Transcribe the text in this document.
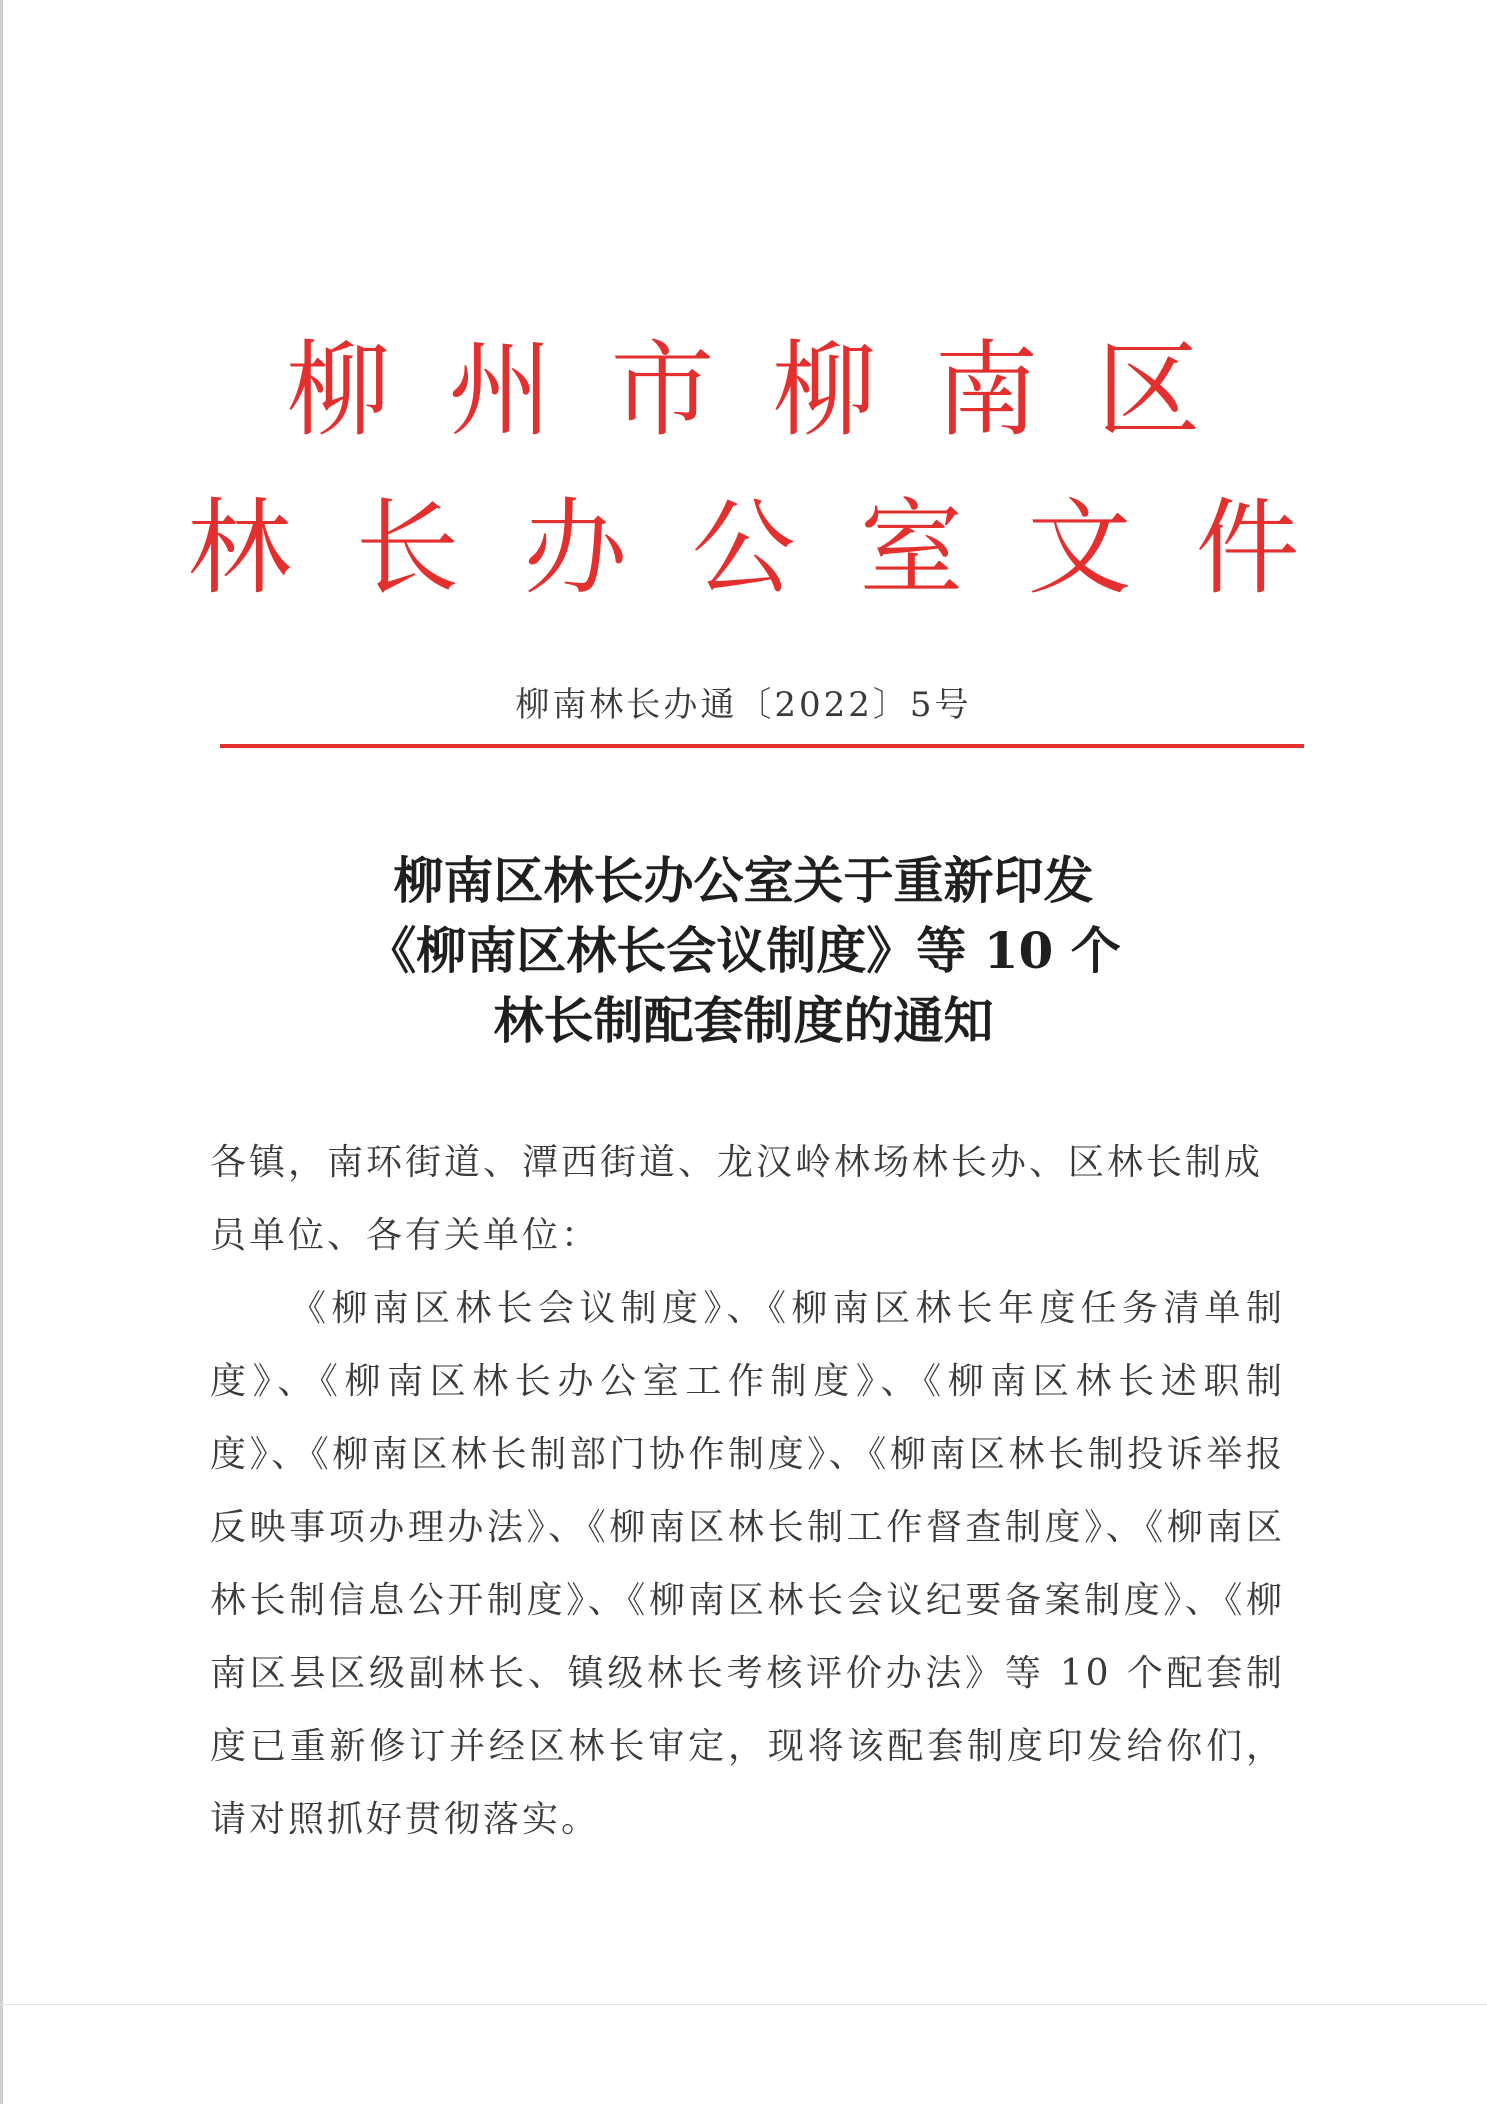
柳州市柳南区
林长办公室文件
柳南林长办通〔2022〕5号
柳南区林长办公室关于重新印发
《柳南区林长会议制度》等 10 个
林长制配套制度的通知
各镇，南环街道、潭西街道、龙汉岭林场林长办、区林长制成员单位、各有关单位：
《柳南区林长会议制度》、《柳南区林长年度任务清单制度》、《柳南区林长办公室工作制度》、《柳南区林长述职制度》、《柳南区林长制部门协作制度》、《柳南区林长制投诉举报反映事项办理办法》、《柳南区林长制工作督查制度》、《柳南区林长制信息公开制度》、《柳南区林长会议纪要备案制度》、《柳南区县区级副林长、镇级林长考核评价办法》等 10 个配套制度已重新修订并经区林长审定，现将该配套制度印发给你们，请对照抓好贯彻落实。
